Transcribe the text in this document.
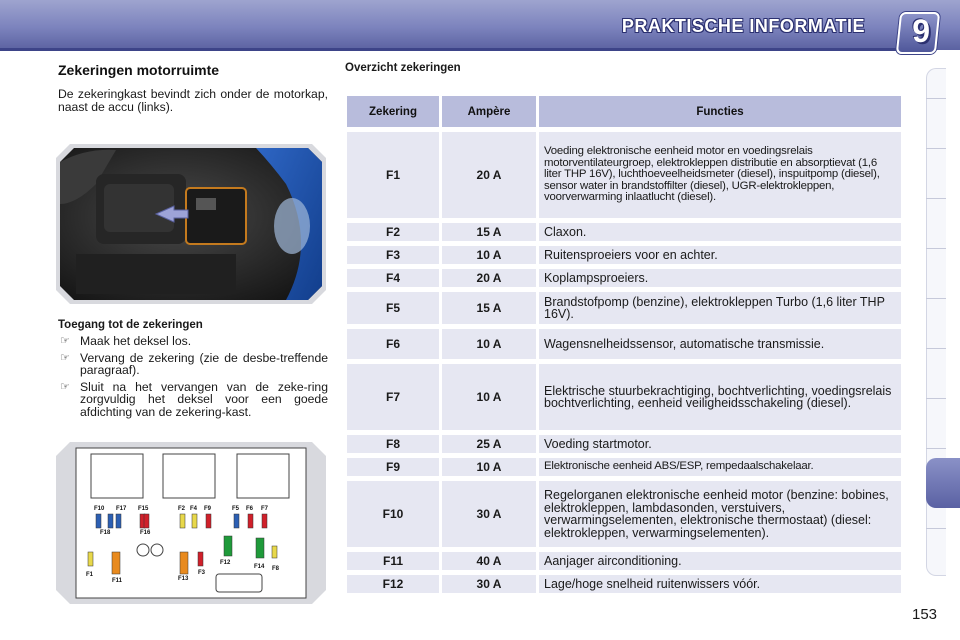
PRAKTISCHE INFORMATIE 9
Zekeringen motorruimte
De zekeringkast bevindt zich onder de motorkap, naast de accu (links).
Toegang tot de zekeringen
☞ Maak het deksel los.
☞ Vervang de zekering (zie de desbe-treffende paragraaf).
☞ Sluit na het vervangen van de zeke-ring zorgvuldig het deksel voor een goede afdichting van de zekering-kast.
F10 F17 F15	F2 F4 F9	F5 F6 F7
F18	F16
F1
F11	F13
F3
F12
F14 F8
Overzicht zekeringen
Zekering	Ampère	Functies
F1	20 A	Voeding elektronische eenheid motor en voedingsrelais motorventilateurgroep, elektrokleppen distributie en absorptievat (1,6 liter THP 16V), luchthoeveelheidsmeter (diesel), inspuitpomp (diesel), sensor water in brandstoffilter (diesel), UGR-elektrokleppen, voorverwarming inlaatlucht (diesel).
F2	15 A	Claxon.
F3	10 A	Ruitensproeiers voor en achter.
F4	20 A	Koplampsproeiers.
F5	15 A	Brandstofpomp (benzine), elektrokleppen Turbo (1,6 liter THP 16V).
F6	10 A	Wagensnelheidssensor, automatische transmissie.
F7	10 A	Elektrische stuurbekrachtiging, bochtverlichting, voedingsrelais bochtverlichting, eenheid veiligheidsschakeling (diesel).
F8	25 A	Voeding startmotor.
F9	10 A	Elektronische eenheid ABS/ESP, rempedaalschakelaar.
F10	30 A	Regelorganen elektronische eenheid motor (benzine: bobines, elektrokleppen, lambdasonden, verstuivers, verwarmingselementen, elektronische thermostaat) (diesel: elektrokleppen, verwarmingselementen).
F11	40 A	Aanjager airconditioning.
F12	30 A	Lage/hoge snelheid ruitenwissers vóór.
153
